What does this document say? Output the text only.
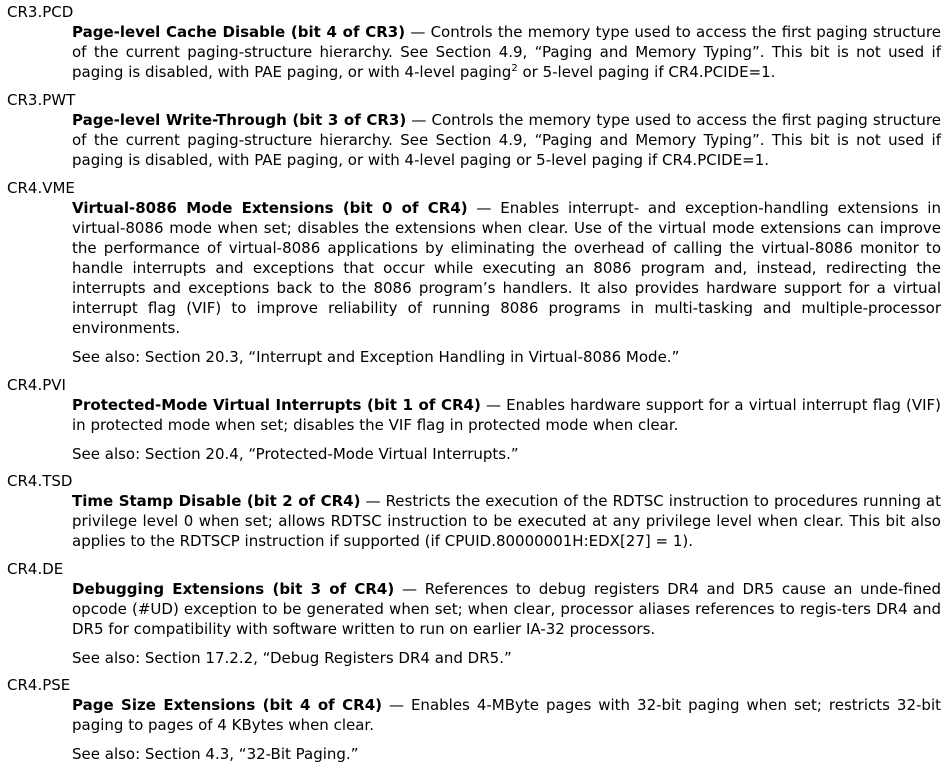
CR3.PCD
Page-level Cache Disable (bit 4 of CR3) — Controls the memory type used to access the first paging structure of the current paging-structure hierarchy. See Section 4.9, “Paging and Memory Typing”. This bit is not used if paging is disabled, with PAE paging, or with 4-level paging$^2$ or 5-level paging if CR4.PCIDE=1.
CR3.PWT
Page-level Write-Through (bit 3 of CR3) — Controls the memory type used to access the first paging structure of the current paging-structure hierarchy. See Section 4.9, “Paging and Memory Typing”. This bit is not used if paging is disabled, with PAE paging, or with 4-level paging or 5-level paging if CR4.PCIDE=1.
CR4.VME
Virtual-8086 Mode Extensions (bit 0 of CR4) — Enables interrupt- and exception-handling extensions in virtual-8086 mode when set; disables the extensions when clear. Use of the virtual mode extensions can improve the performance of virtual-8086 applications by eliminating the overhead of calling the virtual-8086 monitor to handle interrupts and exceptions that occur while executing an 8086 program and, instead, redirecting the interrupts and exceptions back to the 8086 program’s handlers. It also provides hardware support for a virtual interrupt flag (VIF) to improve reliability of running 8086 programs in multi-tasking and multiple-processor environments.
See also: Section 20.3, “Interrupt and Exception Handling in Virtual-8086 Mode.”
CR4.PVI
Protected-Mode Virtual Interrupts (bit 1 of CR4) — Enables hardware support for a virtual interrupt flag (VIF) in protected mode when set; disables the VIF flag in protected mode when clear.
See also: Section 20.4, “Protected-Mode Virtual Interrupts.”
CR4.TSD
Time Stamp Disable (bit 2 of CR4) — Restricts the execution of the RDTSC instruction to procedures running at privilege level 0 when set; allows RDTSC instruction to be executed at any privilege level when clear. This bit also applies to the RDTSCP instruction if supported (if CPUID.80000001H:EDX[27] = 1).
CR4.DE
Debugging Extensions (bit 3 of CR4) — References to debug registers DR4 and DR5 cause an unde-fined opcode (#UD) exception to be generated when set; when clear, processor aliases references to regis-ters DR4 and DR5 for compatibility with software written to run on earlier IA-32 processors.
See also: Section 17.2.2, “Debug Registers DR4 and DR5.”
CR4.PSE
Page Size Extensions (bit 4 of CR4) — Enables 4-MByte pages with 32-bit paging when set; restricts 32-bit paging to pages of 4 KBytes when clear.
See also: Section 4.3, “32-Bit Paging.”
